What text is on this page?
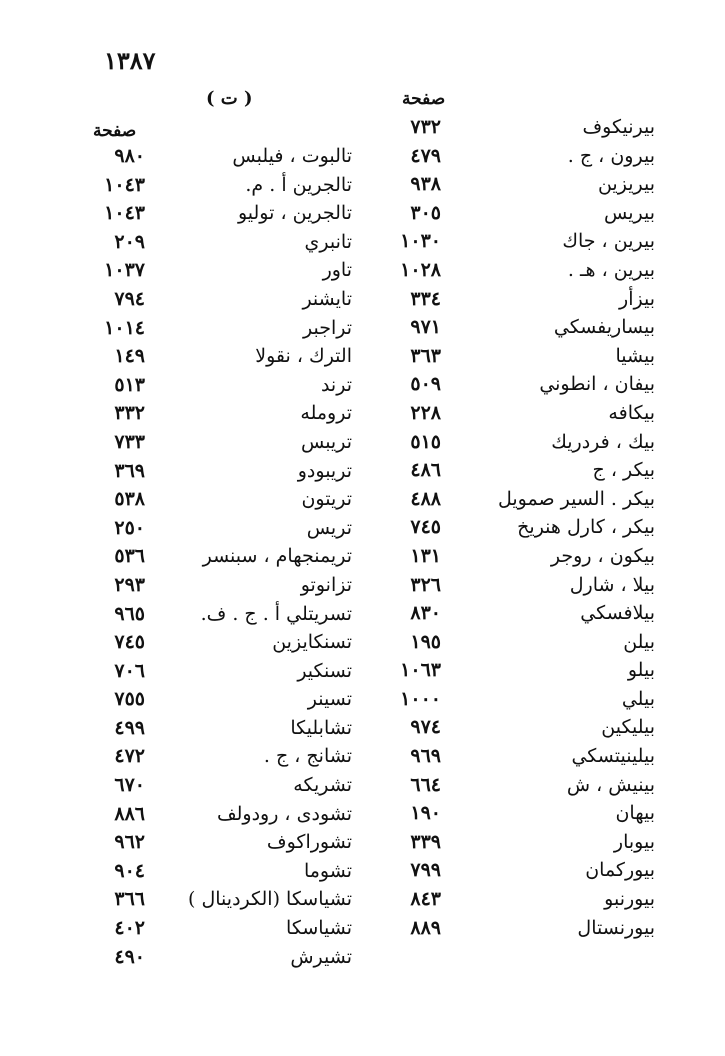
١٣٨٧
صفحة
( ت )
صفحة	بيرنيكوف
٧٣٢
بيرون ، ج .
٤٧٩
بيريزين
٩٣٨
بيريس
٣٠٥
بيرين ، جاك
١٠٣٠
بيرين ، هـ .
١٠٢٨
بيزأر
٣٣٤
بيساريفسكي
٩٧١
بيشيا
٣٦٣
بيفان ، انطوني
٥٠٩
بيكافه
٢٢٨
بيك ، فردريك
٥١٥
بيكر ، ج
٤٨٦
بيكر . السير صمويل
٤٨٨
بيكر ، كارل هنريخ
٧٤٥
بيكون ، روجر
١٣١
بيلا ، شارل
٣٢٦
بيلافسكي
٨٣٠
بيلن
١٩٥
بيلو
١٠٦٣
بيلي
١٠٠٠
بيليكين
٩٧٤
بيلينيتسكي
٩٦٩
بينيش ، ش
٦٦٤
بيهان
١٩٠
بيوبار
٣٣٩
بيوركمان
٧٩٩
بيورنبو
٨٤٣
بيورنستال
٨٨٩
تالبوت ، فيلبس
٩٨٠
تالجرين أ . م.
١٠٤٣
تالجرين ، توليو
١٠٤٣
تانبري
٢٠٩
تاور
١٠٣٧
تايشنر
٧٩٤
تراجبر
١٠١٤
الترك ، نقولا
١٤٩
ترند
٥١٣
ترومله
٣٣٢
تريبس
٧٣٣
تريبودو
٣٦٩
تريتون
٥٣٨
تريس
٢٥٠
تريمنجهام ، سبنسر
٥٣٦
تزانوتو
٢٩٣
تسريتلي أ . ج . ف.
٩٦٥
تسنكايزين
٧٤٥
تسنكير
٧٠٦
تسينر
٧٥٥
تشابليكا
٤٩٩
تشانج ، ج .
٤٧٢
تشريكه
٦٧٠
تشودى ، رودولف
٨٨٦
تشوراكوف
٩٦٢
تشوما
٩٠٤
تشياسكا (الكردينال )
٣٦٦
تشياسكا
٤٠٢
تشيرش
٤٩٠
